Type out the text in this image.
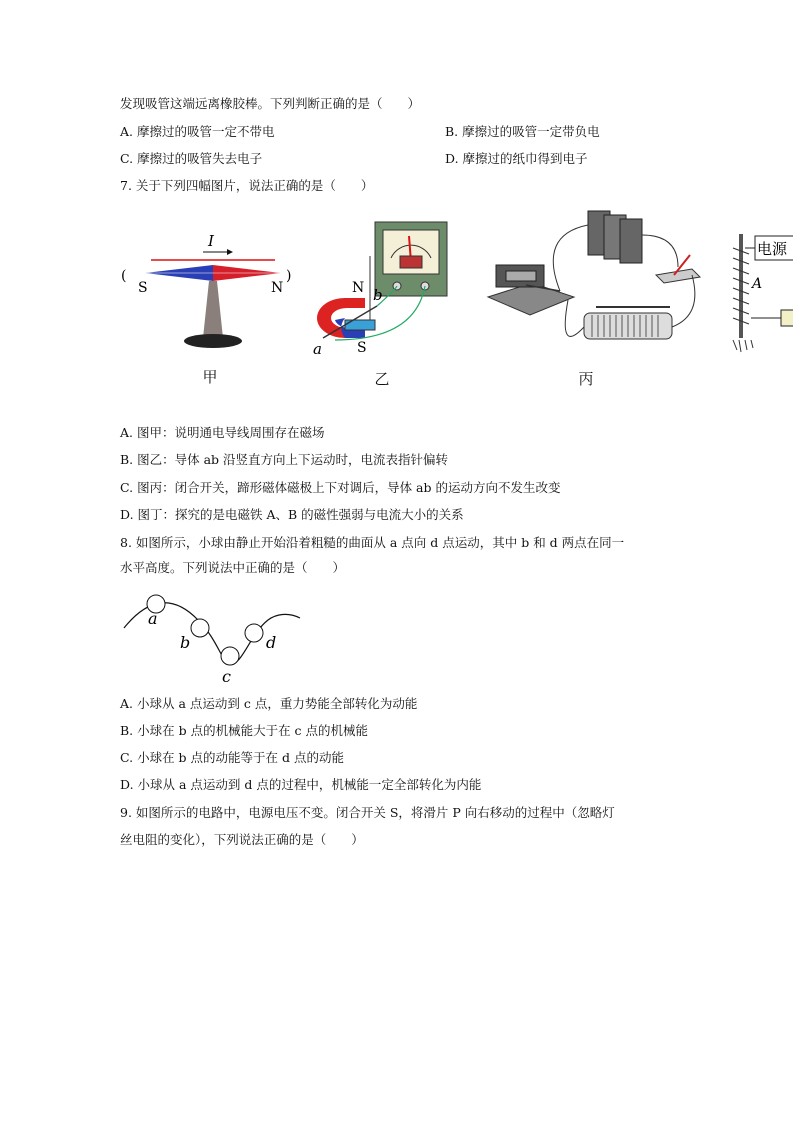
发现吸管这端远离橡胶棒。下列判断正确的是（　　）
A. 摩擦过的吸管一定不带电	B. 摩擦过的吸管一定带负电
C. 摩擦过的吸管失去电子	D. 摩擦过的纸巾得到电子
7. 关于下列四幅图片，说法正确的是（　　）
I
S	N
(	)
甲
N
S
a
b
乙	丙
电源
A
A. 图甲：说明通电导线周围存在磁场
B. 图乙：导体 ab 沿竖直方向上下运动时，电流表指针偏转
C. 图丙：闭合开关，蹄形磁体磁极上下对调后，导体 ab 的运动方向不发生改变
D. 图丁：探究的是电磁铁 A、B 的磁性强弱与电流大小的关系
8. 如图所示，小球由静止开始沿着粗糙的曲面从 a 点向 d 点运动，其中 b 和 d 两点在同一
水平高度。下列说法中正确的是（　　）
a
b
c
d
A. 小球从 a 点运动到 c 点，重力势能全部转化为动能
B. 小球在 b 点的机械能大于在 c 点的机械能
C. 小球在 b 点的动能等于在 d 点的动能
D. 小球从 a 点运动到 d 点的过程中，机械能一定全部转化为内能
9. 如图所示的电路中，电源电压不变。闭合开关 S，将滑片 P 向右移动的过程中（忽略灯
丝电阻的变化），下列说法正确的是（　　）
